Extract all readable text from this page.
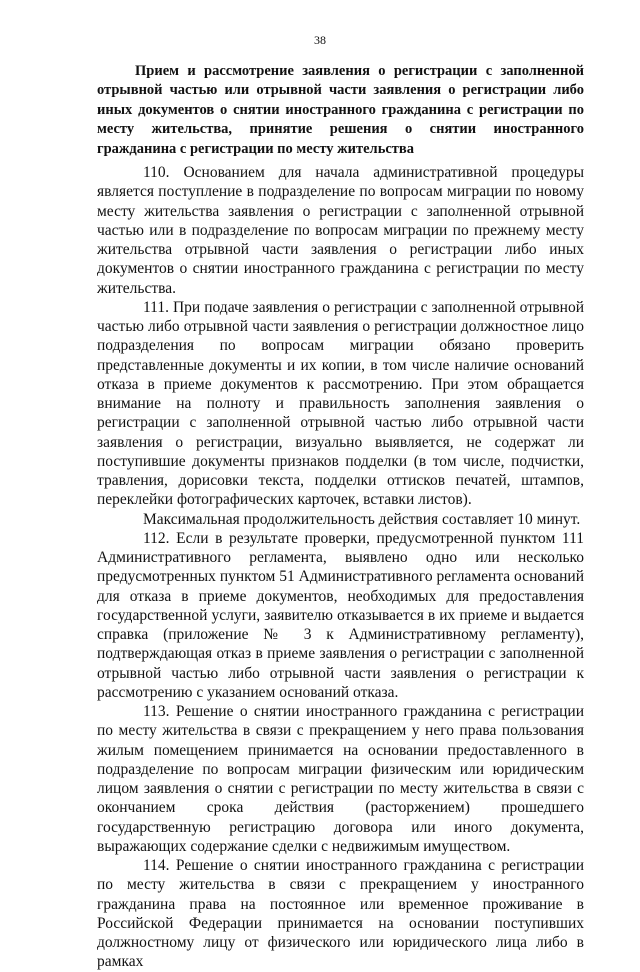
38

Прием и рассмотрение заявления о регистрации с заполненной отрывной частью или отрывной части заявления о регистрации либо иных документов о снятии иностранного гражданина с регистрации по месту жительства, принятие решения о снятии иностранного гражданина с регистрации по месту жительства

110. Основанием для начала административной процедуры является поступление в подразделение по вопросам миграции по новому месту жительства заявления о регистрации с заполненной отрывной частью или в подразделение по вопросам миграции по прежнему месту жительства отрывной части заявления о регистрации либо иных документов о снятии иностранного гражданина с регистрации по месту жительства.

111. При подаче заявления о регистрации с заполненной отрывной частью либо отрывной части заявления о регистрации должностное лицо подразделения по вопросам миграции обязано проверить представленные документы и их копии, в том числе наличие оснований отказа в приеме документов к рассмотрению. При этом обращается внимание на полноту и правильность заполнения заявления о регистрации с заполненной отрывной частью либо отрывной части заявления о регистрации, визуально выявляется, не содержат ли поступившие документы признаков подделки (в том числе, подчистки, травления, дорисовки текста, подделки оттисков печатей, штампов, переклейки фотографических карточек, вставки листов).

Максимальная продолжительность действия составляет 10 минут.

112. Если в результате проверки, предусмотренной пунктом 111 Административного регламента, выявлено одно или несколько предусмотренных пунктом 51 Административного регламента оснований для отказа в приеме документов, необходимых для предоставления государственной услуги, заявителю отказывается в их приеме и выдается справка (приложение № 3 к Административному регламенту), подтверждающая отказ в приеме заявления о регистрации с заполненной отрывной частью либо отрывной части заявления о регистрации к рассмотрению с указанием оснований отказа.

113. Решение о снятии иностранного гражданина с регистрации по месту жительства в связи с прекращением у него права пользования жилым помещением принимается на основании предоставленного в подразделение по вопросам миграции физическим или юридическим лицом заявления о снятии с регистрации по месту жительства в связи с окончанием срока действия (расторжением) прошедшего государственную регистрацию договора или иного документа, выражающих содержание сделки с недвижимым имуществом.

114. Решение о снятии иностранного гражданина с регистрации по месту жительства в связи с прекращением у иностранного гражданина права на постоянное или временное проживание в Российской Федерации принимается на основании поступивших должностному лицу от физического или юридического лица либо в рамках
